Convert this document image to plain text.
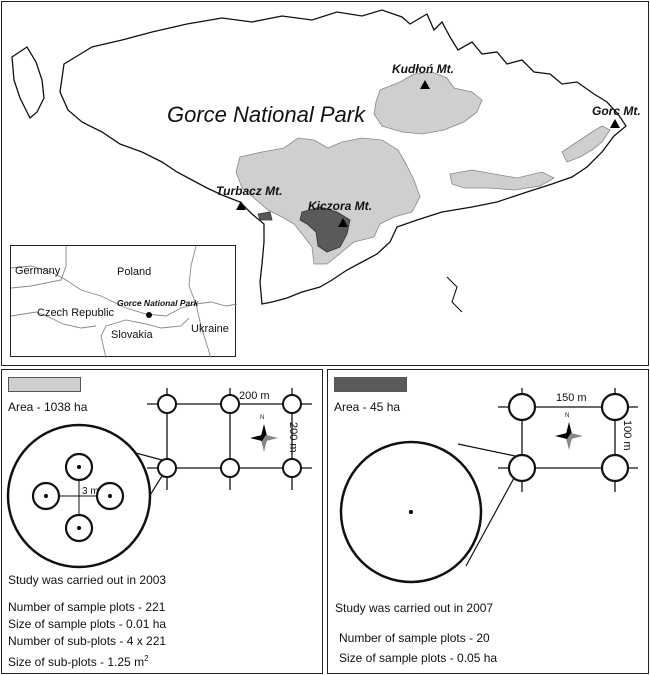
Gorce National Park
Kudłoń Mt.
Gorc Mt.
Turbacz Mt.
Kiczora Mt.
Germany	Poland
Czech Republic
Slovakia	Ukraine
Gorce National Park
Area - 1038 ha
200 m
200 m
N
3 m
Study was carried out in 2003
Number of sample plots - 221
Size of sample plots - 0.01 ha
Number of sub-plots - 4 x 221
Size of sub-plots - 1.25 $m^2$
Area - 45 ha
150 m
100 m
N
Study was carried out in 2007
Number of sample plots - 20
Size of sample plots - 0.05 ha
